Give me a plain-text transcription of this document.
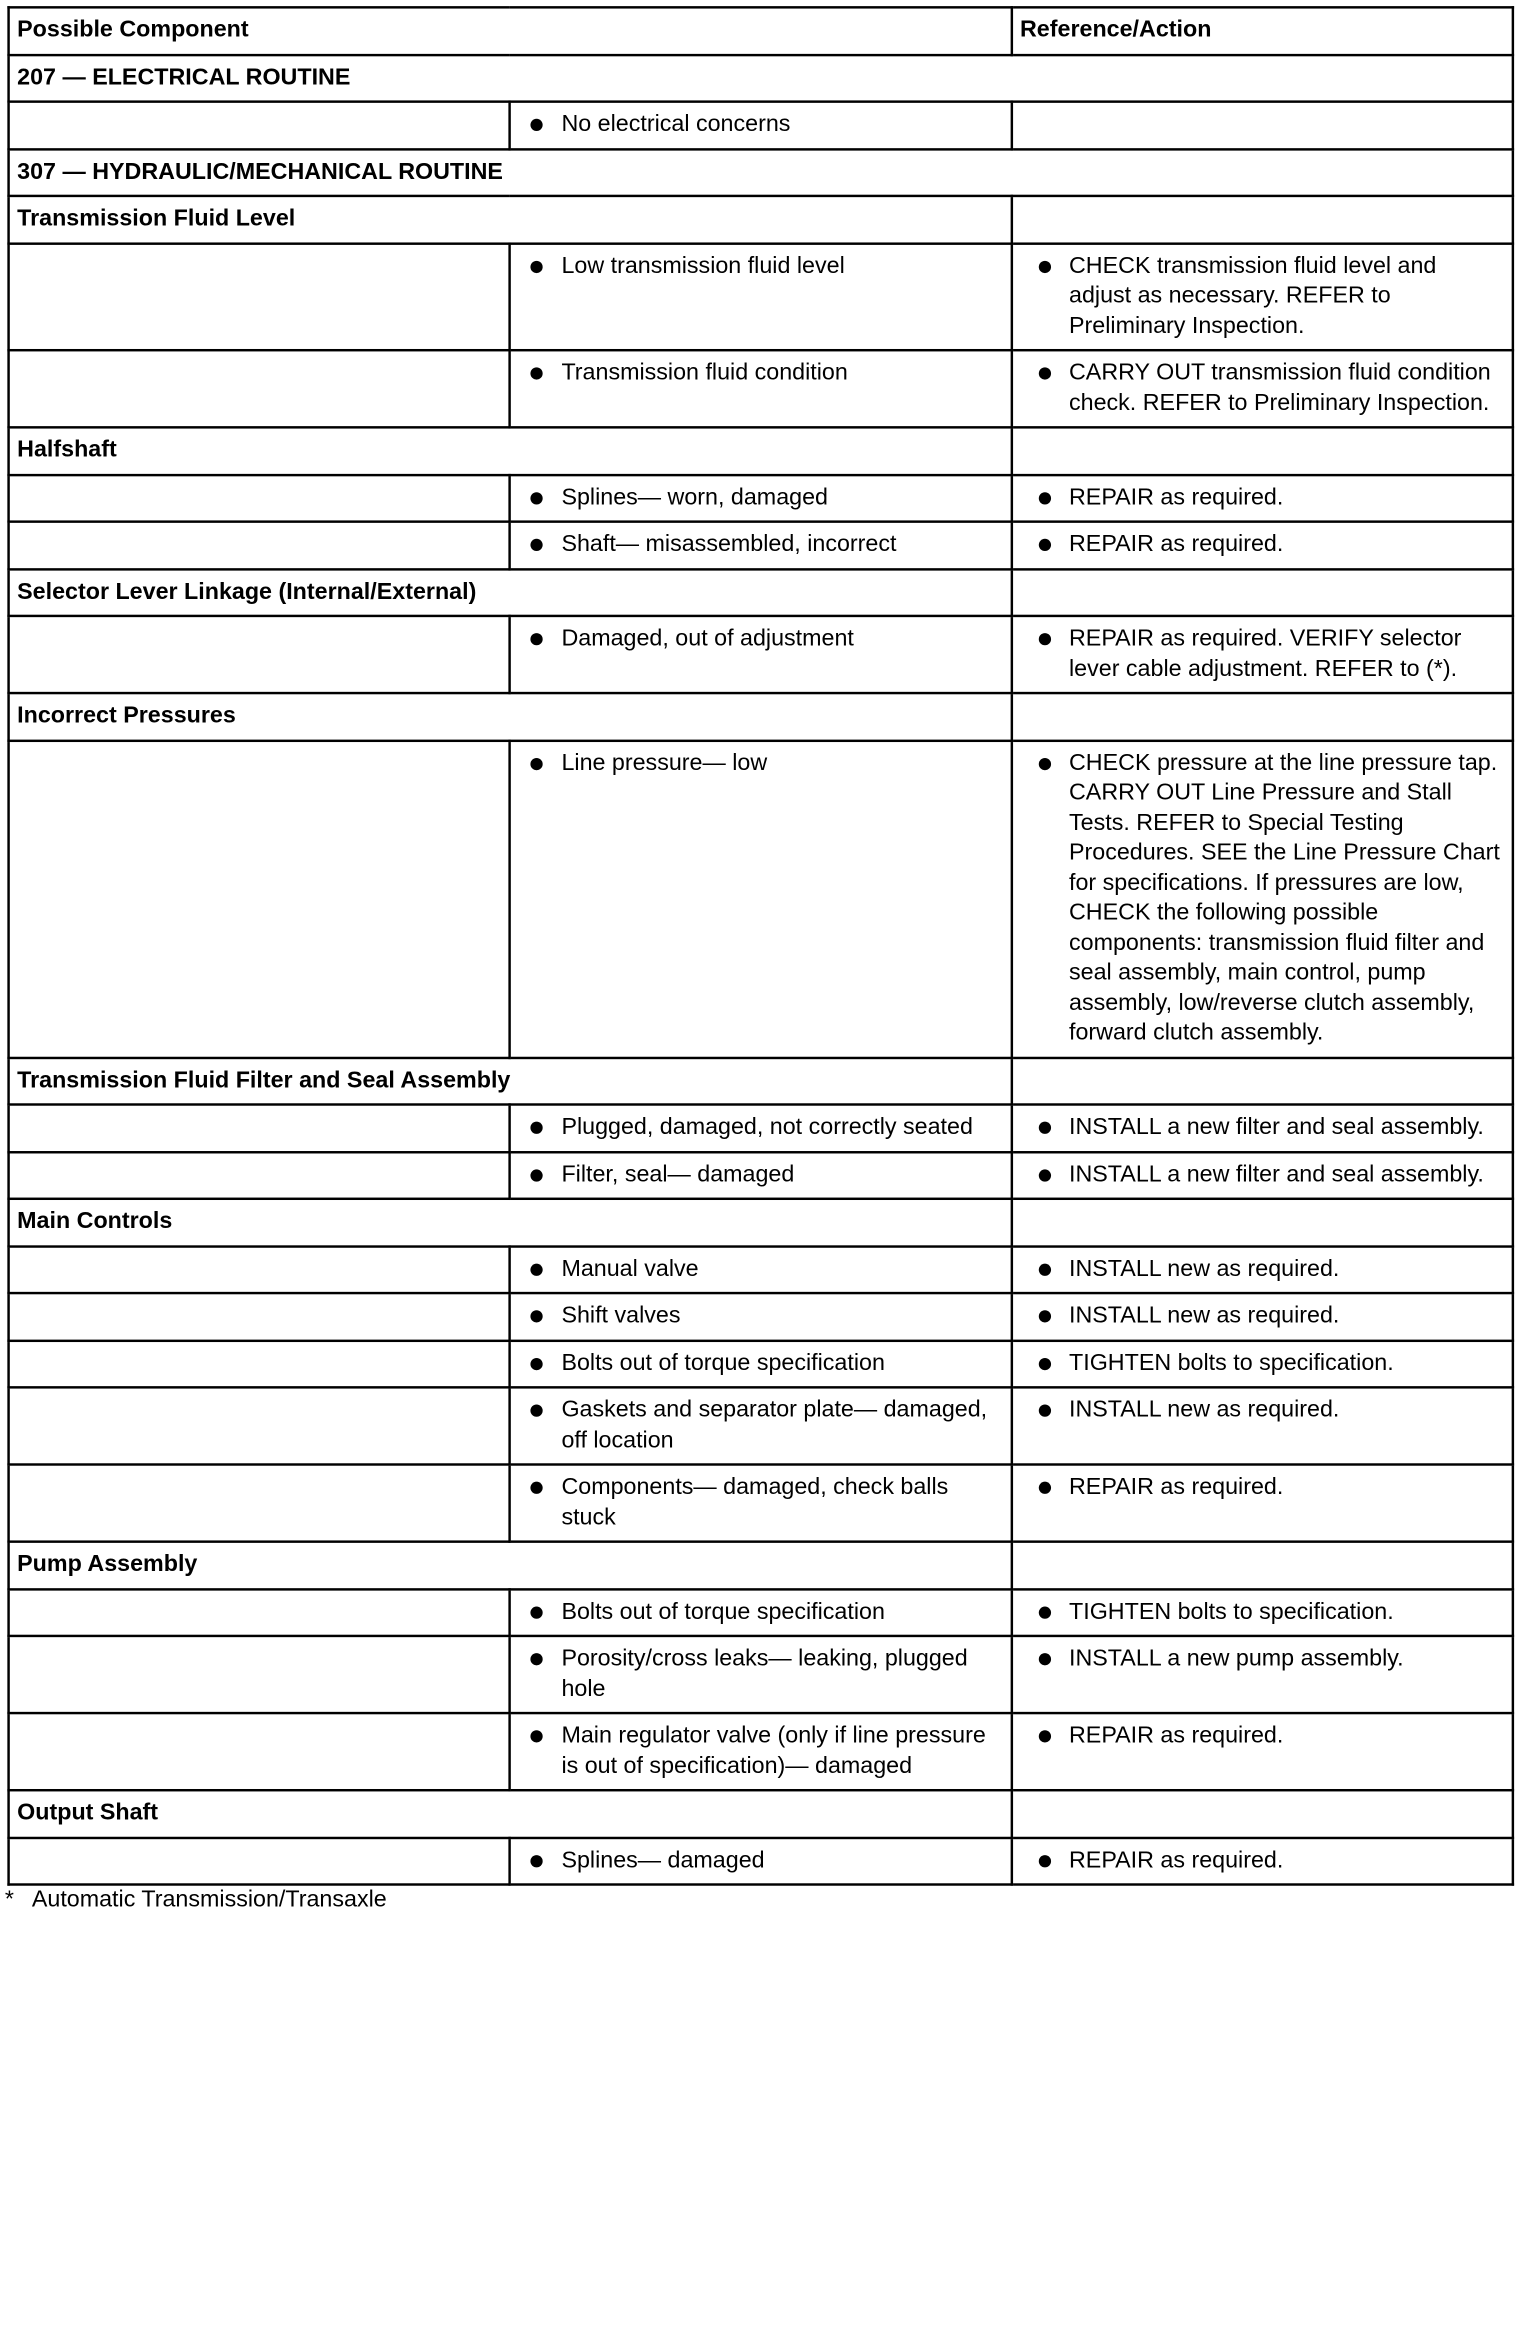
Possible Component		Reference/Action
207 — ELECTRICAL ROUTINE		

	No electrical concerns	

307 — HYDRAULIC/MECHANICAL ROUTINE		
Transmission Fluid Level		

	Low transmission fluid level	CHECK transmission fluid level and adjust as necessary. REFER to Preliminary Inspection.

	Transmission fluid condition	CARRY OUT transmission fluid condition check. REFER to Preliminary Inspection.

Halfshaft		

	Splines— worn, damaged	REPAIR as required.

	Shaft— misassembled, incorrect	REPAIR as required.

Selector Lever Linkage (Internal/External)		

	Damaged, out of adjustment	REPAIR as required. VERIFY selector lever cable adjustment. REFER to (*).

Incorrect Pressures		

	Line pressure— low	CHECK pressure at the line pressure tap. CARRY OUT Line Pressure and Stall Tests. REFER to Special Testing Procedures. SEE the Line Pressure Chart for specifications. If pressures are low, CHECK the following possible components: transmission fluid filter and seal assembly, main control, pump assembly, low/reverse clutch assembly, forward clutch assembly.

Transmission Fluid Filter and Seal Assembly		

	Plugged, damaged, not correctly seated	INSTALL a new filter and seal assembly.

	Filter, seal— damaged	INSTALL a new filter and seal assembly.

Main Controls		

	Manual valve	INSTALL new as required.

	Shift valves	INSTALL new as required.

	Bolts out of torque specification	TIGHTEN bolts to specification.

	Gaskets and separator plate— damaged, off location	INSTALL new as required.

	Components— damaged, check balls stuck	REPAIR as required.

Pump Assembly		

	Bolts out of torque specification	TIGHTEN bolts to specification.

	Porosity/cross leaks— leaking, plugged hole	INSTALL a new pump assembly.

	Main regulator valve (only if line pressure is out of specification)— damaged	REPAIR as required.

Output Shaft		

	Splines— damaged	REPAIR as required.
* Automatic Transmission/Transaxle
